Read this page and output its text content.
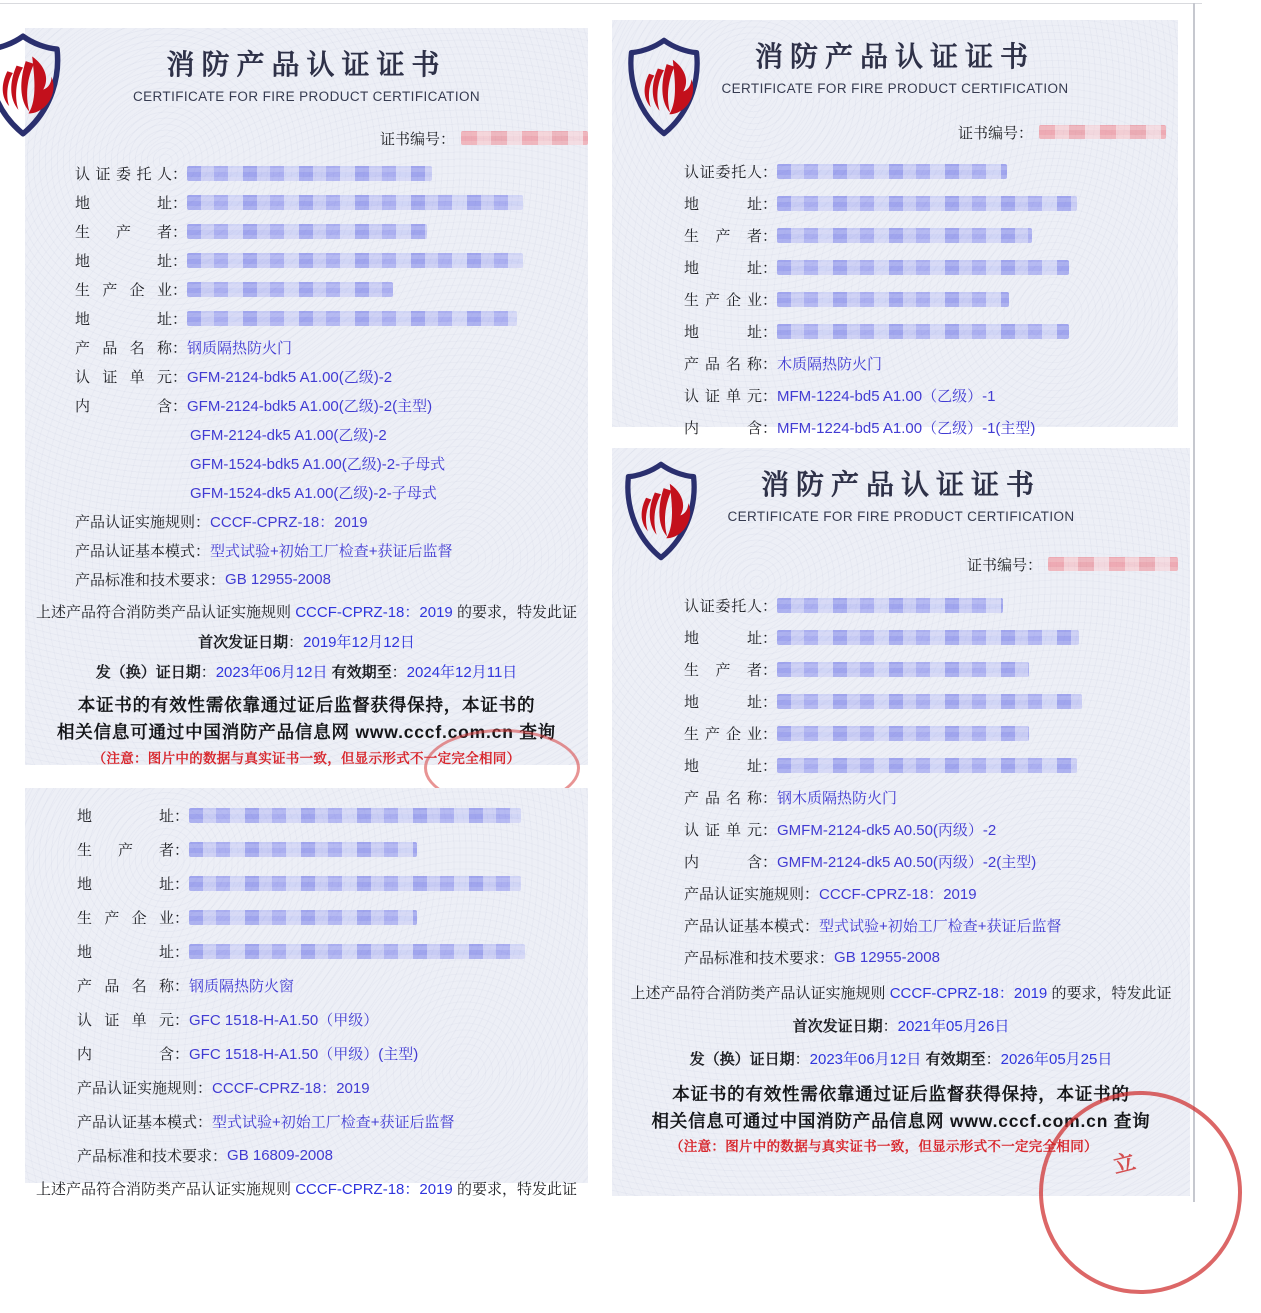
消防产品认证证书
CERTIFICATE FOR FIRE PRODUCT CERTIFICATION
证书编号 ：
认证委托人 ：
地址 ：
生产者 ：
地址 ：
生产企业 ：
地址 ：
产品名称 ： 钢质隔热防火门
认证单元 ： GFM-2124-bdk5 A1.00(乙级)-2
内含 ： GFM-2124-bdk5 A1.00(乙级)-2(主型)
GFM-2124-dk5 A1.00(乙级)-2
GFM-1524-bdk5 A1.00(乙级)-2-子母式
GFM-1524-dk5 A1.00(乙级)-2-子母式
产品认证实施规则 ： CCCF-CPRZ-18：2019
产品认证基本模式 ： 型式试验+初始工厂检查+获证后监督
产品标准和技术要求 ： GB 12955-2008
上述产品符合消防类产品认证实施规则 CCCF-CPRZ-18：2019 的要求，特发此证
首次发证日期：2019年12月12日
发（换）证日期：2023年06月12日 有效期至：2024年12月11日
本证书的有效性需依靠通过证后监督获得保持，本证书的
相关信息可通过中国消防产品信息网 www.cccf.com.cn 查询
（注意：图片中的数据与真实证书一致，但显示形式不一定完全相同）
地址 ：
生产者 ：
地址 ：
生产企业 ：
地址 ：
产品名称 ： 钢质隔热防火窗
认证单元 ： GFC 1518-H-A1.50（甲级）
内含 ： GFC 1518-H-A1.50（甲级）(主型)
产品认证实施规则 ： CCCF-CPRZ-18：2019
产品认证基本模式 ： 型式试验+初始工厂检查+获证后监督
产品标准和技术要求 ： GB 16809-2008
上述产品符合消防类产品认证实施规则 CCCF-CPRZ-18：2019 的要求，特发此证
消防产品认证证书
CERTIFICATE FOR FIRE PRODUCT CERTIFICATION
证书编号 ：
认证委托人 ：
地址 ：
生产者 ：
地址 ：
生产企业 ：
地址 ：
产品名称 ： 木质隔热防火门
认证单元 ： MFM-1224-bd5 A1.00（乙级）-1
内含 ： MFM-1224-bd5 A1.00（乙级）-1(主型)
消防产品认证证书
CERTIFICATE FOR FIRE PRODUCT CERTIFICATION
证书编号 ：
认证委托人 ：
地址 ：
生产者 ：
地址 ：
生产企业 ：
地址 ：
产品名称 ： 钢木质隔热防火门
认证单元 ： GMFM-2124-dk5 A0.50(丙级）-2
内含 ： GMFM-2124-dk5 A0.50(丙级）-2(主型)
产品认证实施规则 ： CCCF-CPRZ-18：2019
产品认证基本模式 ： 型式试验+初始工厂检查+获证后监督
产品标准和技术要求 ： GB 12955-2008
上述产品符合消防类产品认证实施规则 CCCF-CPRZ-18：2019 的要求，特发此证
首次发证日期：2021年05月26日
发（换）证日期：2023年06月12日 有效期至：2026年05月25日
本证书的有效性需依靠通过证后监督获得保持，本证书的
相关信息可通过中国消防产品信息网 www.cccf.com.cn 查询
（注意：图片中的数据与真实证书一致，但显示形式不一定完全相同）
立
